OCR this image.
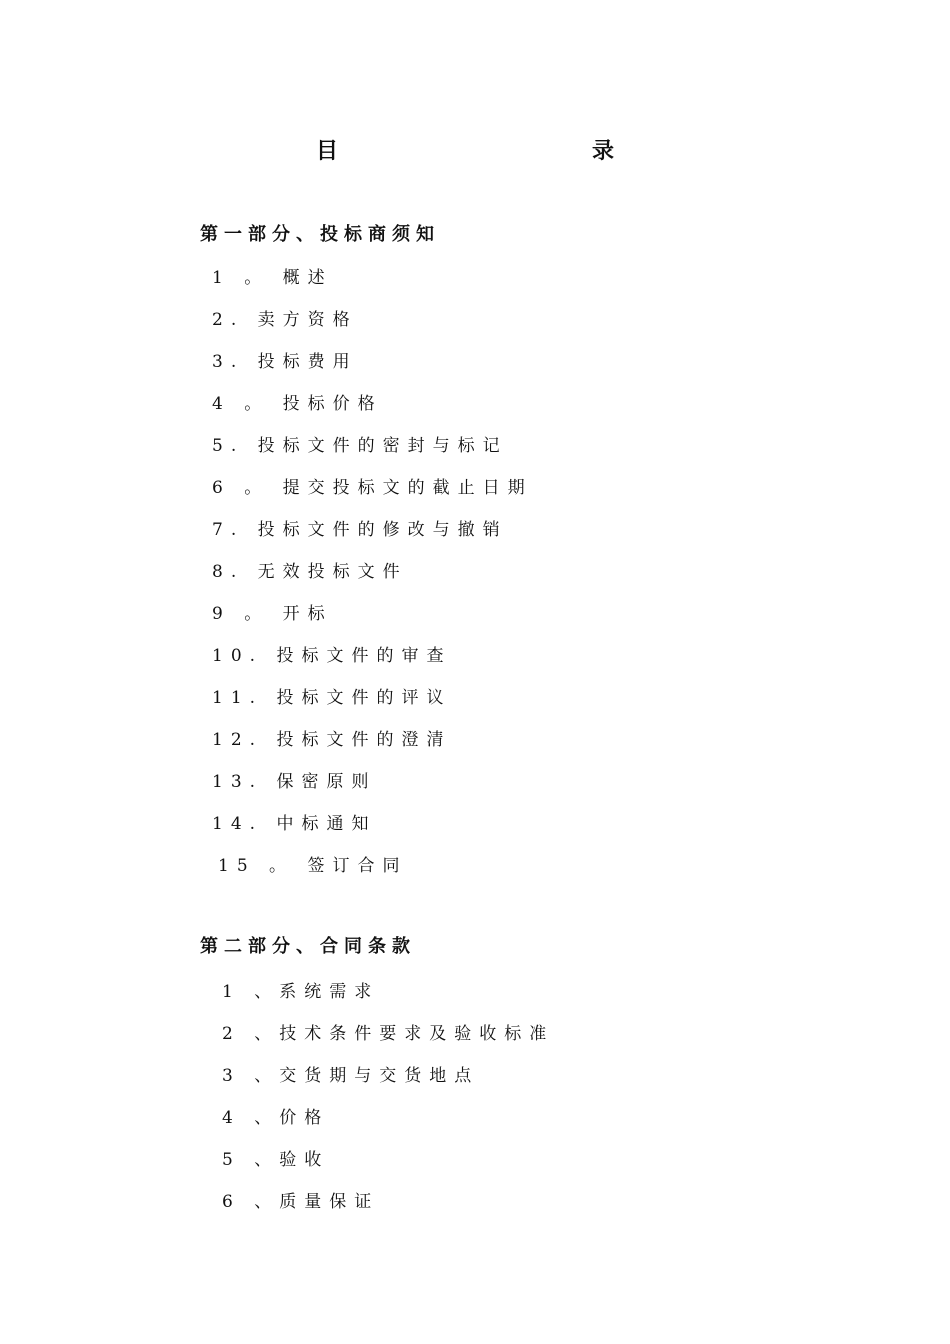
目	录
第一部分、投标商须知
1 。 概述
2. 卖方资格
3. 投标费用
4 。 投标价格
5. 投标文件的密封与标记
6 。 提交投标文的截止日期
7. 投标文件的修改与撤销
8. 无效投标文件
9 。 开标
10. 投标文件的审查
11. 投标文件的评议
12. 投标文件的澄清
13. 保密原则
14. 中标通知
15 。 签订合同
第二部分、合同条款
1 、系统需求
2 、技术条件要求及验收标准
3 、交货期与交货地点
4 、价格
5 、验收
6 、质量保证
